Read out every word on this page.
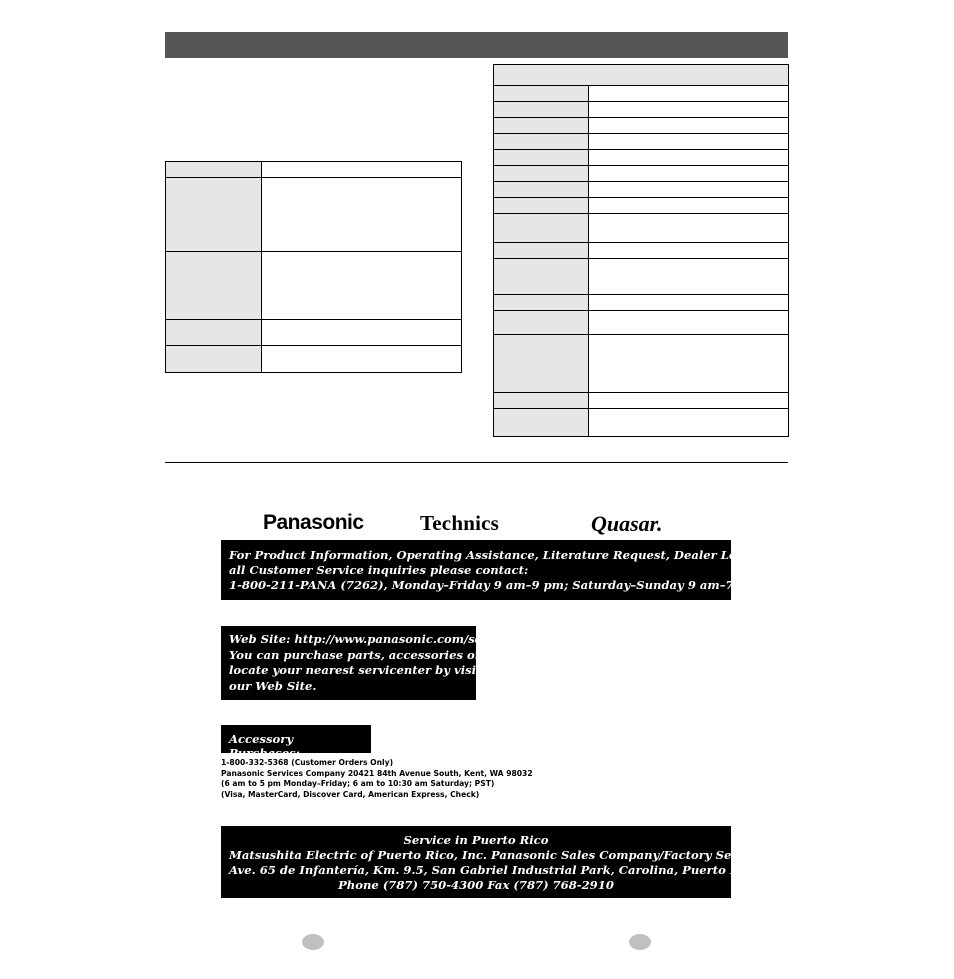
Panasonic	Technics	Quasar.
For Product Information, Operating Assistance, Literature Request, Dealer Locations, and
all Customer Service inquiries please contact:
1-800-211-PANA (7262), Monday–Friday 9 am–9 pm; Saturday–Sunday 9 am–7 pm, EST.
Web Site: http://www.panasonic.com/sd
You can purchase parts, accessories or
locate your nearest servicenter by visiting
our Web Site.
Accessory Purchases:
1-800-332-5368 (Customer Orders Only)
Panasonic Services Company 20421 84th Avenue South, Kent, WA 98032
(6 am to 5 pm Monday–Friday; 6 am to 10:30 am Saturday; PST)
(Visa, MasterCard, Discover Card, American Express, Check)
Service in Puerto Rico
Matsushita Electric of Puerto Rico, Inc. Panasonic Sales Company/Factory Servicenter:
Ave. 65 de Infantería, Km. 9.5, San Gabriel Industrial Park, Carolina, Puerto Rico 00985
Phone (787) 750-4300 Fax (787) 768-2910
